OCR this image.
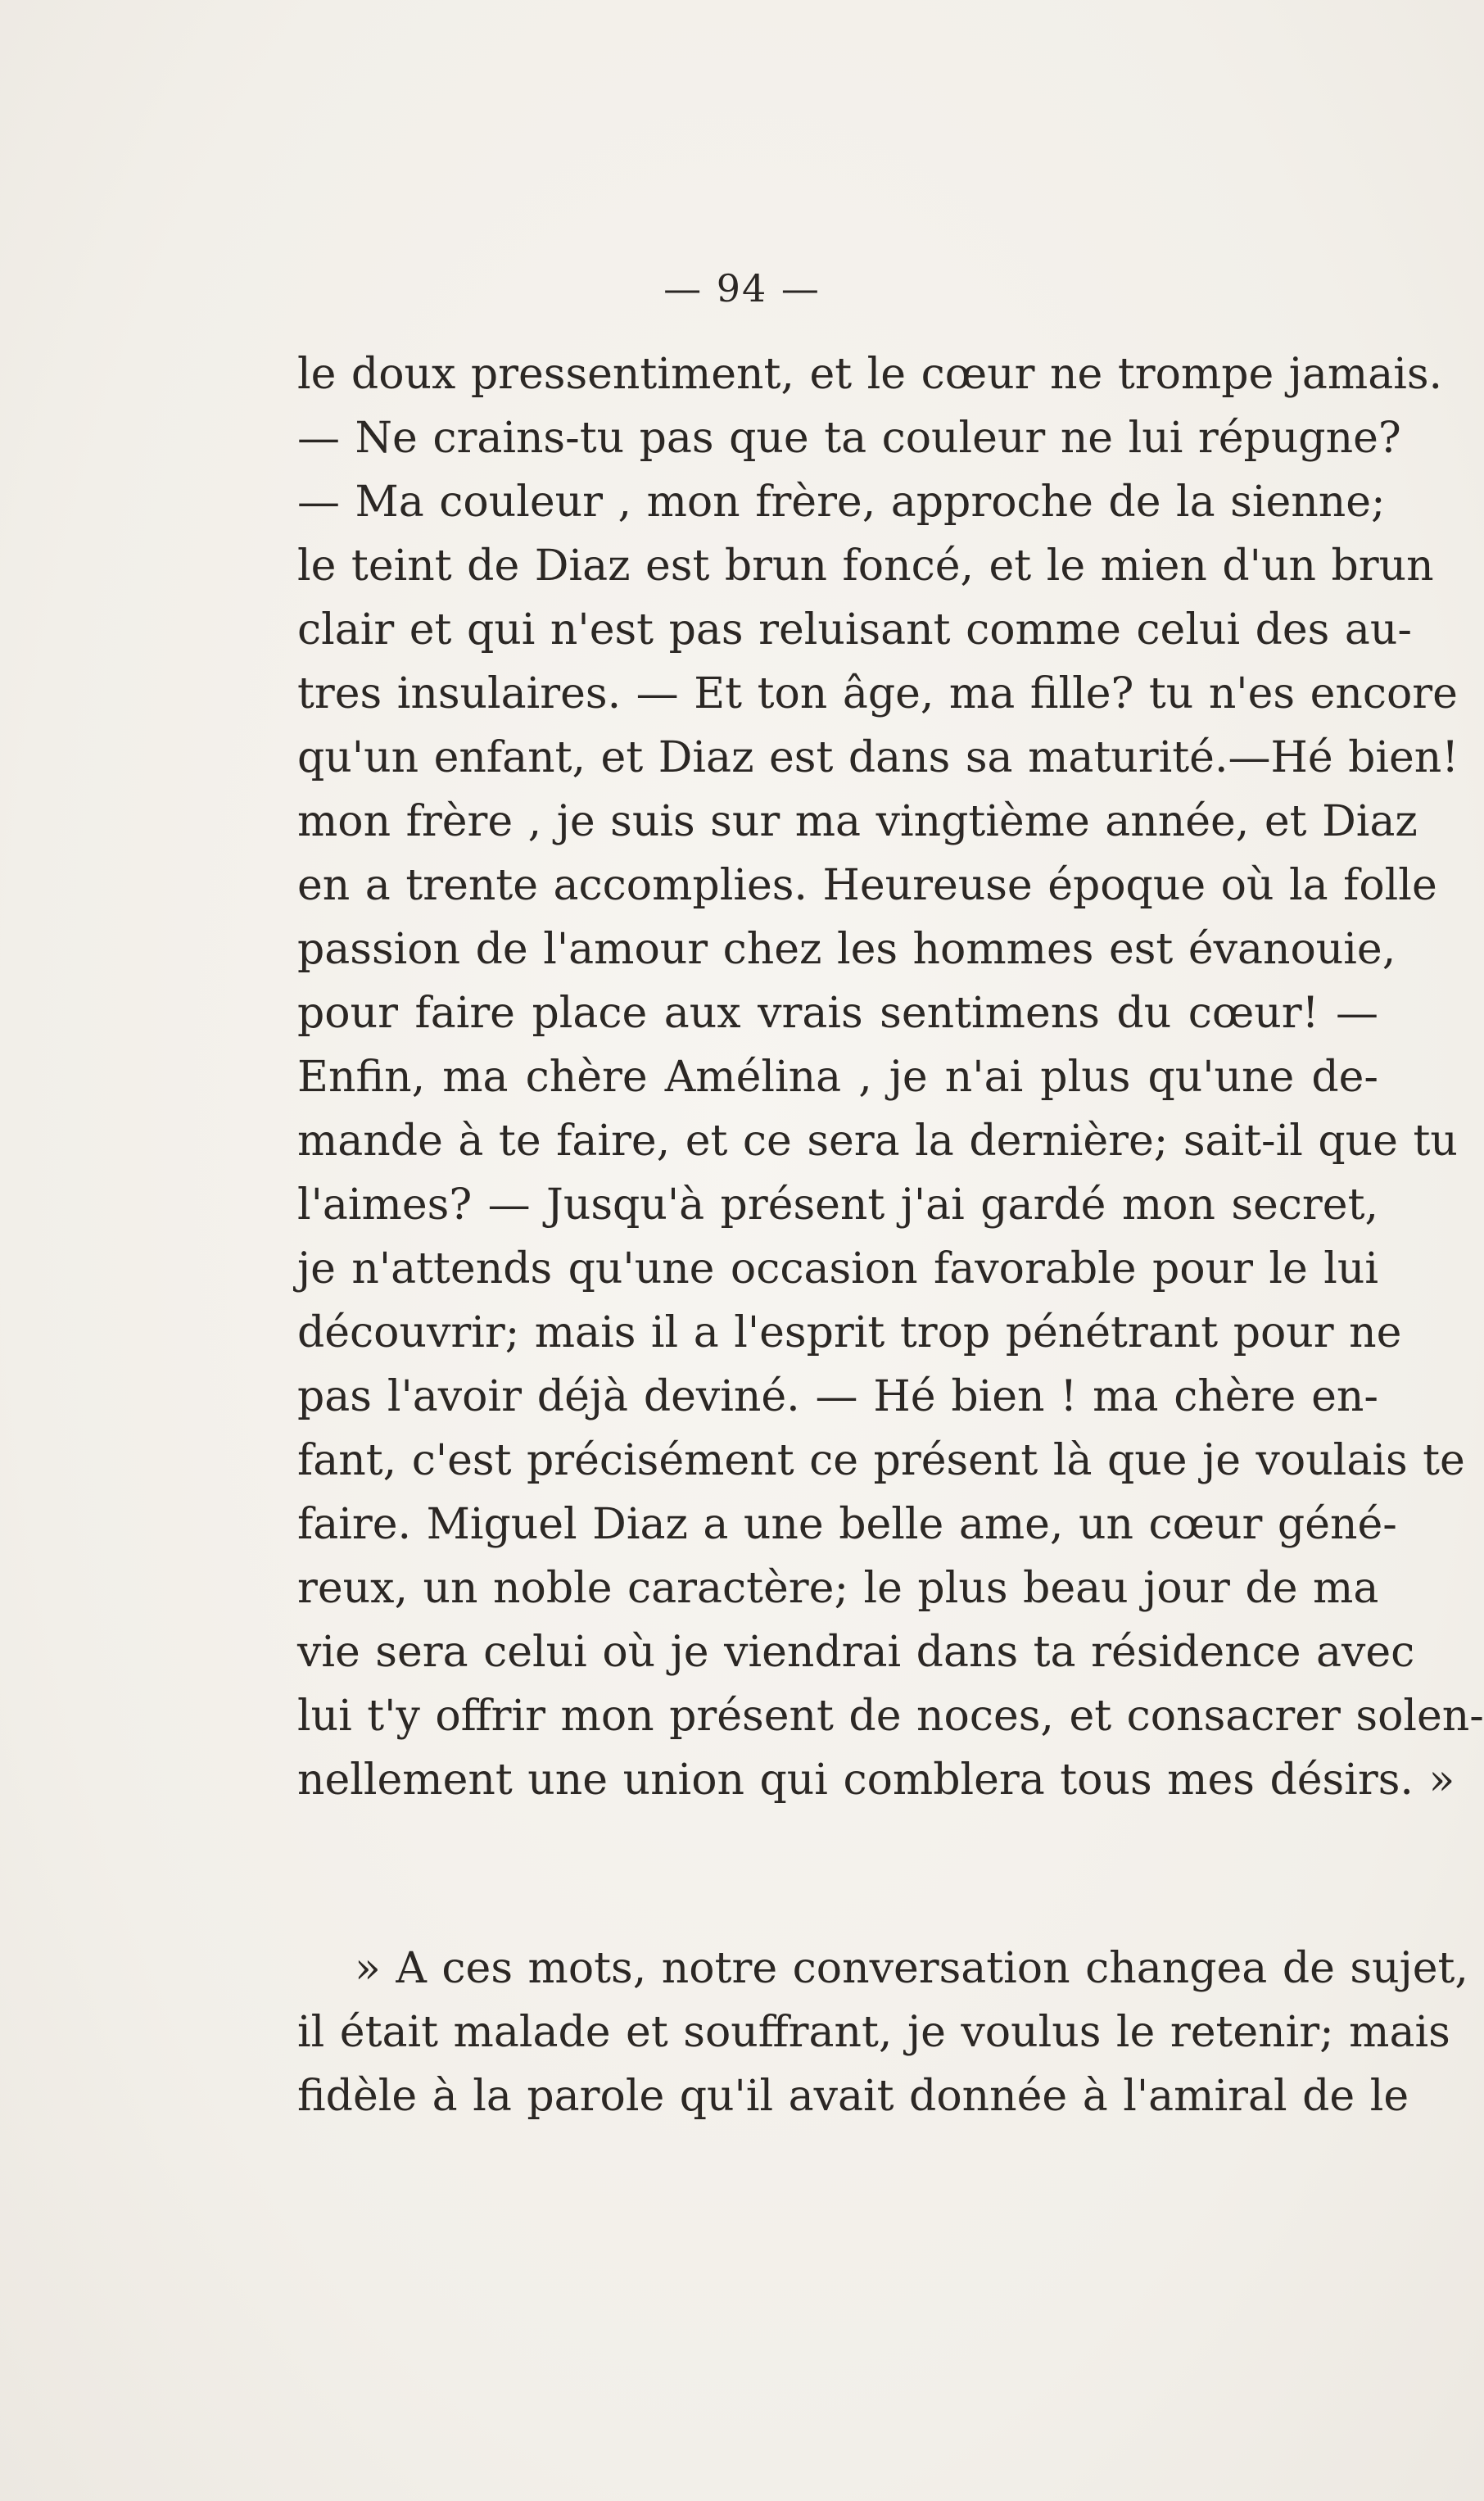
— 94 —
le doux pressentiment, et le cœur ne trompe jamais.
— Ne crains-tu pas que ta couleur ne lui répugne?
— Ma couleur , mon frère, approche de la sienne;
le teint de Diaz est brun foncé, et le mien d'un brun
clair et qui n'est pas reluisant comme celui des au-
tres insulaires. — Et ton âge, ma fille? tu n'es encore
qu'un enfant, et Diaz est dans sa maturité.—Hé bien!
mon frère , je suis sur ma vingtième année, et Diaz
en a trente accomplies. Heureuse époque où la folle
passion de l'amour chez les hommes est évanouie,
pour faire place aux vrais sentimens du cœur! —
Enfin, ma chère Amélina , je n'ai plus qu'une de-
mande à te faire, et ce sera la dernière; sait-il que tu
l'aimes? — Jusqu'à présent j'ai gardé mon secret,
je n'attends qu'une occasion favorable pour le lui
découvrir; mais il a l'esprit trop pénétrant pour ne
pas l'avoir déjà deviné. — Hé bien ! ma chère en-
fant, c'est précisément ce présent là que je voulais te
faire. Miguel Diaz a une belle ame, un cœur géné-
reux, un noble caractère; le plus beau jour de ma
vie sera celui où je viendrai dans ta résidence avec
lui t'y offrir mon présent de noces, et consacrer solen-
nellement une union qui comblera tous mes désirs. »
» A ces mots, notre conversation changea de sujet,
il était malade et souffrant, je voulus le retenir; mais
fidèle à la parole qu'il avait donnée à l'amiral de le
